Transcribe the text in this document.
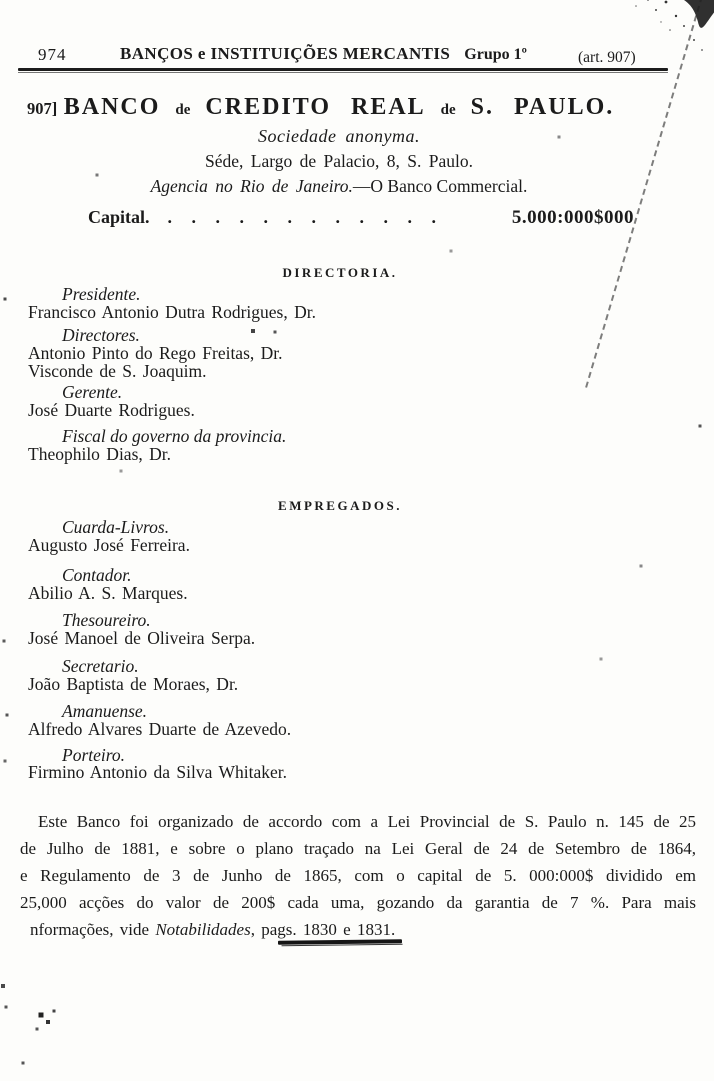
974	BANÇOS e INSTITUIÇÕES MERCANTIS Grupo 1º	(art. 907)
907] BANCO de CREDITO REAL de S. PAULO.
Sociedade anonyma.
Séde, Largo de Palacio, 8, S. Paulo.
Agencia no Rio de Janeiro.—O Banco Commercial.
Capital. . . . . . . . . . . . .	5.000:000$000
DIRECTORIA.
Presidente.
Francisco Antonio Dutra Rodrigues, Dr.
Directores.
Antonio Pinto do Rego Freitas, Dr.
Visconde de S. Joaquim.
Gerente.
José Duarte Rodrigues.
Fiscal do governo da provincia.
Theophilo Dias, Dr.
EMPREGADOS.
Cuarda-Livros.
Augusto José Ferreira.
Contador.
Abilio A. S. Marques.
Thesoureiro.
José Manoel de Oliveira Serpa.
Secretario.
João Baptista de Moraes, Dr.
Amanuense.
Alfredo Alvares Duarte de Azevedo.
Porteiro.
Firmino Antonio da Silva Whitaker.
Este Banco foi organizado de accordo com a Lei Provincial de S. Paulo n. 145 de 25
de Julho de 1881, e sobre o plano traçado na Lei Geral de 24 de Setembro de 1864,
e Regulamento de 3 de Junho de 1865, com o capital de 5. 000:000$ dividido em
25,000 acções do valor de 200$ cada uma, gozando da garantia de 7 %. Para mais
nformações, vide Notabilidades, pags. 1830 e 1831.
